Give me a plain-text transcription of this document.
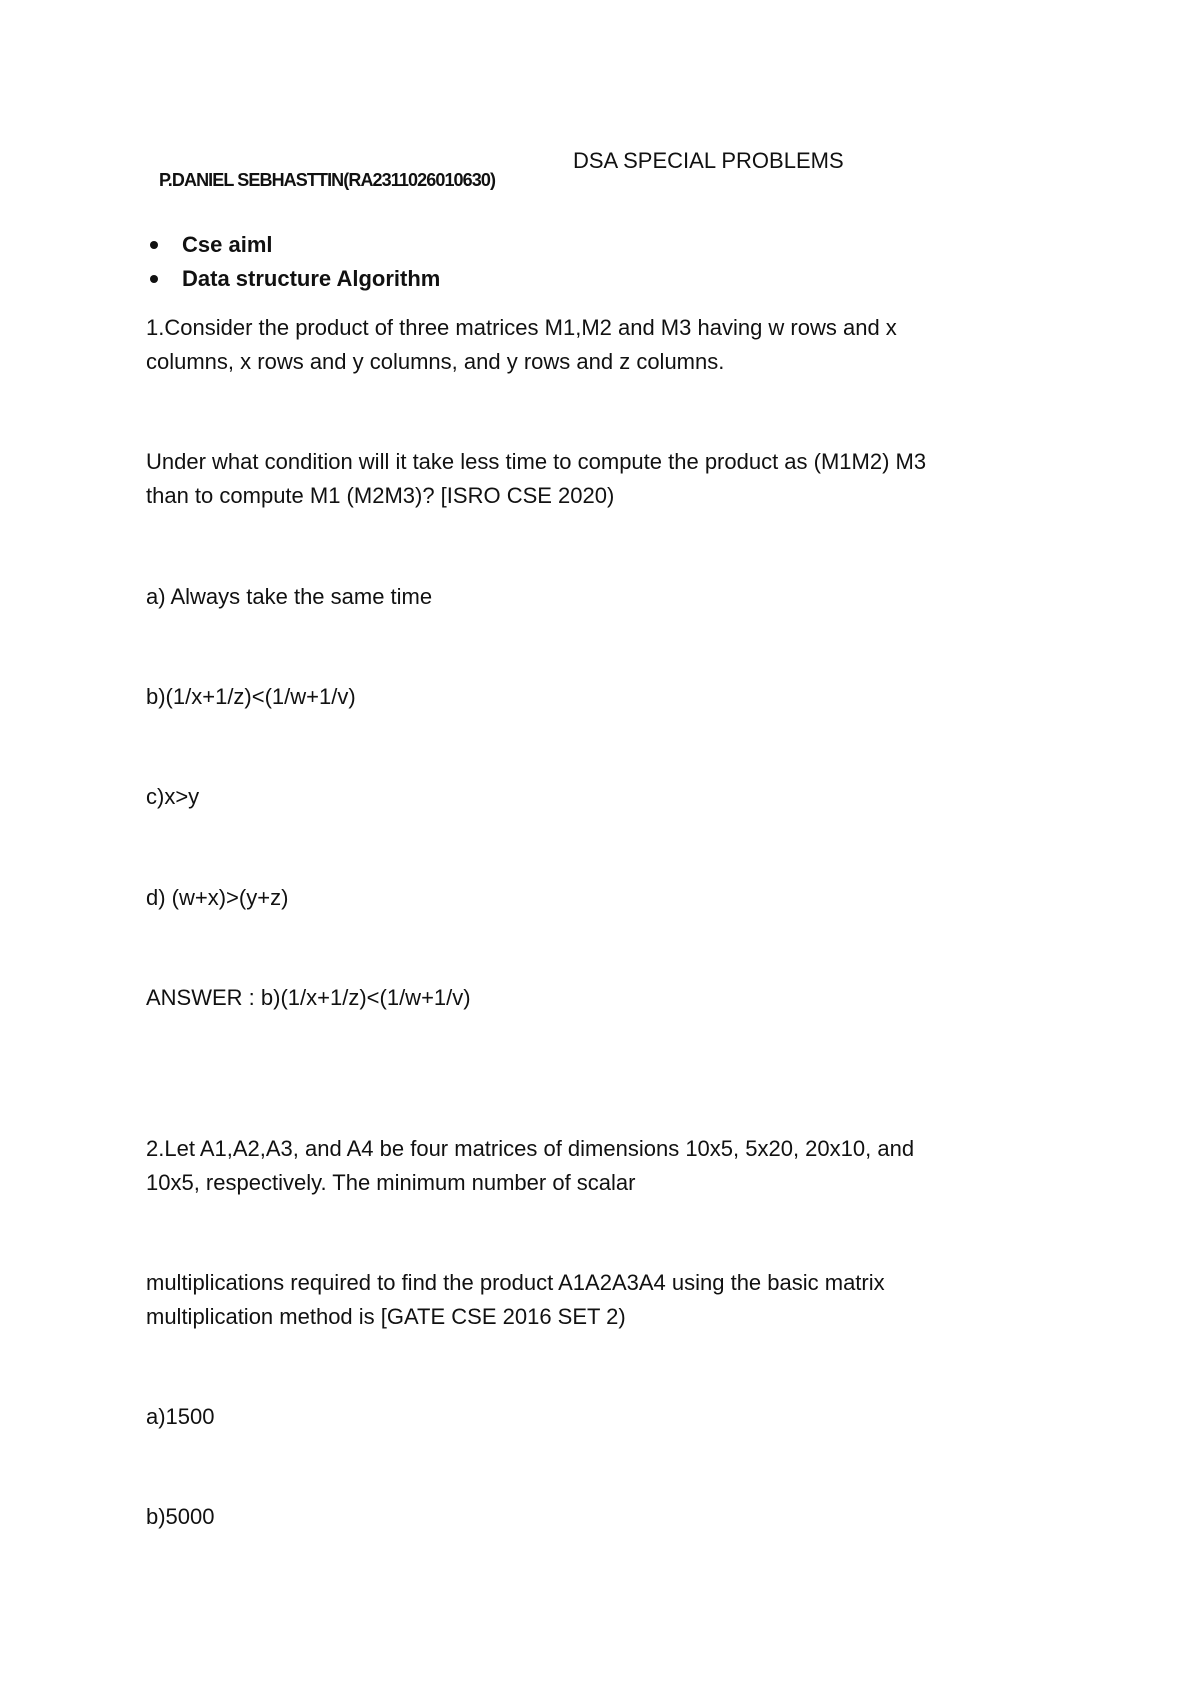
P.DANIEL SEBHASTTIN(RA2311026010630)
DSA SPECIAL PROBLEMS
Cse aiml
Data structure Algorithm
1.Consider the product of three matrices M1,M2 and M3 having w rows and x
columns, x rows and y columns, and y rows and z columns.
Under what condition will it take less time to compute the product as (M1M2) M3
than to compute M1 (M2M3)? [ISRO CSE 2020)
a) Always take the same time
b)(1/x+1/z)<(1/w+1/v)
c)x>y
d) (w+x)>(y+z)
ANSWER : b)(1/x+1/z)<(1/w+1/v)
2.Let A1,A2,A3, and A4 be four matrices of dimensions 10x5, 5x20, 20x10, and
10x5, respectively. The minimum number of scalar
multiplications required to find the product A1A2A3A4 using the basic matrix
multiplication method is [GATE CSE 2016 SET 2)
a)1500
b)5000
